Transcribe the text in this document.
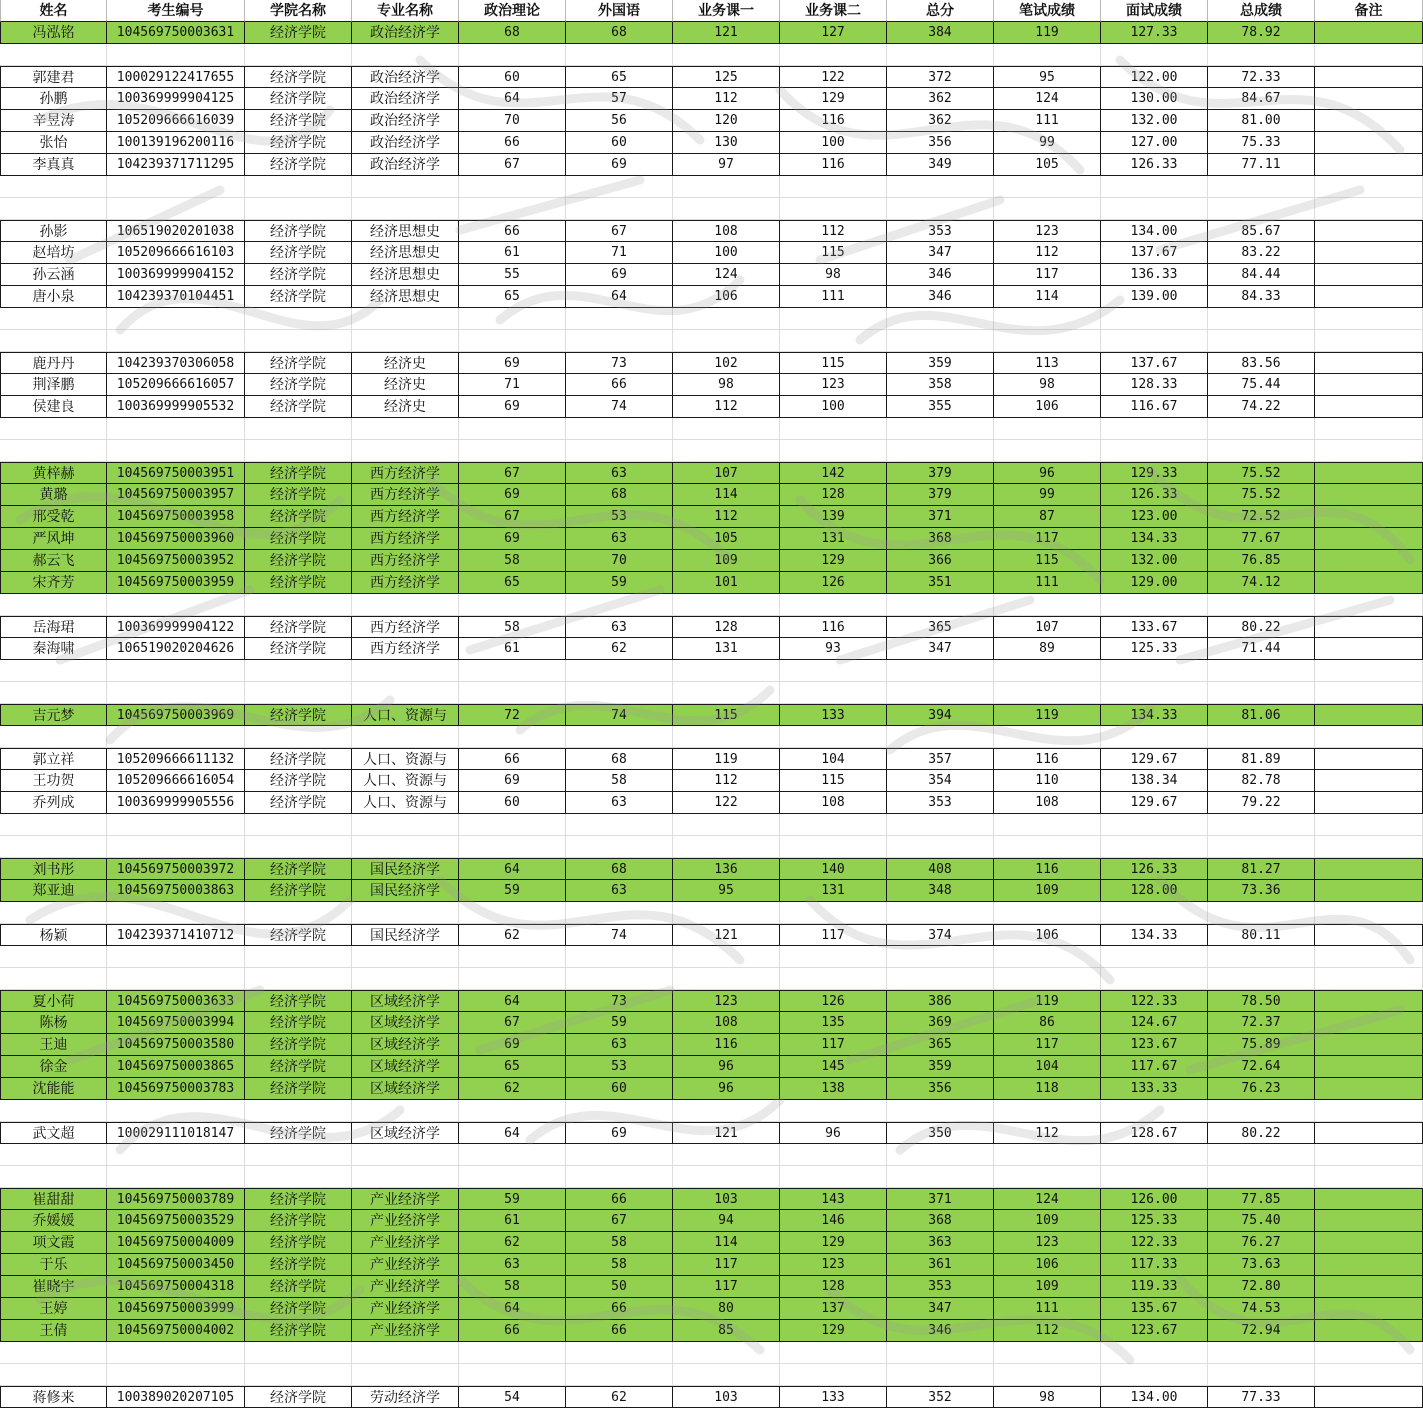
姓名	考生编号	学院名称	专业名称	政治理论	外国语	业务课一	业务课二	总分	笔试成绩	面试成绩	总成绩	备注
冯泓铭	104569750003631	经济学院	政治经济学	68	68	121	127	384	119	127.33	78.92
郭建君	100029122417655	经济学院	政治经济学	60	65	125	122	372	95	122.00	72.33
孙鹏	100369999904125	经济学院	政治经济学	64	57	112	129	362	124	130.00	84.67
辛昱涛	105209666616039	经济学院	政治经济学	70	56	120	116	362	111	132.00	81.00
张怡	100139196200116	经济学院	政治经济学	66	60	130	100	356	99	127.00	75.33
李真真	104239371711295	经济学院	政治经济学	67	69	97	116	349	105	126.33	77.11
孙影	106519020201038	经济学院	经济思想史	66	67	108	112	353	123	134.00	85.67
赵培坊	105209666616103	经济学院	经济思想史	61	71	100	115	347	112	137.67	83.22
孙云涵	100369999904152	经济学院	经济思想史	55	69	124	98	346	117	136.33	84.44
唐小泉	104239370104451	经济学院	经济思想史	65	64	106	111	346	114	139.00	84.33
鹿丹丹	104239370306058	经济学院	经济史	69	73	102	115	359	113	137.67	83.56
荆泽鹏	105209666616057	经济学院	经济史	71	66	98	123	358	98	128.33	75.44
侯建良	100369999905532	经济学院	经济史	69	74	112	100	355	106	116.67	74.22
黄梓赫	104569750003951	经济学院	西方经济学	67	63	107	142	379	96	129.33	75.52
黄璐	104569750003957	经济学院	西方经济学	69	68	114	128	379	99	126.33	75.52
邢受乾	104569750003958	经济学院	西方经济学	67	53	112	139	371	87	123.00	72.52
严风坤	104569750003960	经济学院	西方经济学	69	63	105	131	368	117	134.33	77.67
郝云飞	104569750003952	经济学院	西方经济学	58	70	109	129	366	115	132.00	76.85
宋齐芳	104569750003959	经济学院	西方经济学	65	59	101	126	351	111	129.00	74.12
岳海珺	100369999904122	经济学院	西方经济学	58	63	128	116	365	107	133.67	80.22
秦海啸	106519020204626	经济学院	西方经济学	61	62	131	93	347	89	125.33	71.44
吉元梦	104569750003969	经济学院	人口、资源与	72	74	115	133	394	119	134.33	81.06
郭立祥	105209666611132	经济学院	人口、资源与	66	68	119	104	357	116	129.67	81.89
王功贺	105209666616054	经济学院	人口、资源与	69	58	112	115	354	110	138.34	82.78
乔列成	100369999905556	经济学院	人口、资源与	60	63	122	108	353	108	129.67	79.22
刘书彤	104569750003972	经济学院	国民经济学	64	68	136	140	408	116	126.33	81.27
郑亚迪	104569750003863	经济学院	国民经济学	59	63	95	131	348	109	128.00	73.36
杨颖	104239371410712	经济学院	国民经济学	62	74	121	117	374	106	134.33	80.11
夏小荷	104569750003633	经济学院	区域经济学	64	73	123	126	386	119	122.33	78.50
陈杨	104569750003994	经济学院	区域经济学	67	59	108	135	369	86	124.67	72.37
王迪	104569750003580	经济学院	区域经济学	69	63	116	117	365	117	123.67	75.89
徐金	104569750003865	经济学院	区域经济学	65	53	96	145	359	104	117.67	72.64
沈能能	104569750003783	经济学院	区域经济学	62	60	96	138	356	118	133.33	76.23
武文超	100029111018147	经济学院	区域经济学	64	69	121	96	350	112	128.67	80.22
崔甜甜	104569750003789	经济学院	产业经济学	59	66	103	143	371	124	126.00	77.85
乔媛媛	104569750003529	经济学院	产业经济学	61	67	94	146	368	109	125.33	75.40
项文霞	104569750004009	经济学院	产业经济学	62	58	114	129	363	123	122.33	76.27
于乐	104569750003450	经济学院	产业经济学	63	58	117	123	361	106	117.33	73.63
崔晓宇	104569750004318	经济学院	产业经济学	58	50	117	128	353	109	119.33	72.80
王婷	104569750003999	经济学院	产业经济学	64	66	80	137	347	111	135.67	74.53
王倩	104569750004002	经济学院	产业经济学	66	66	85	129	346	112	123.67	72.94
蒋修来	100389020207105	经济学院	劳动经济学	54	62	103	133	352	98	134.00	77.33
